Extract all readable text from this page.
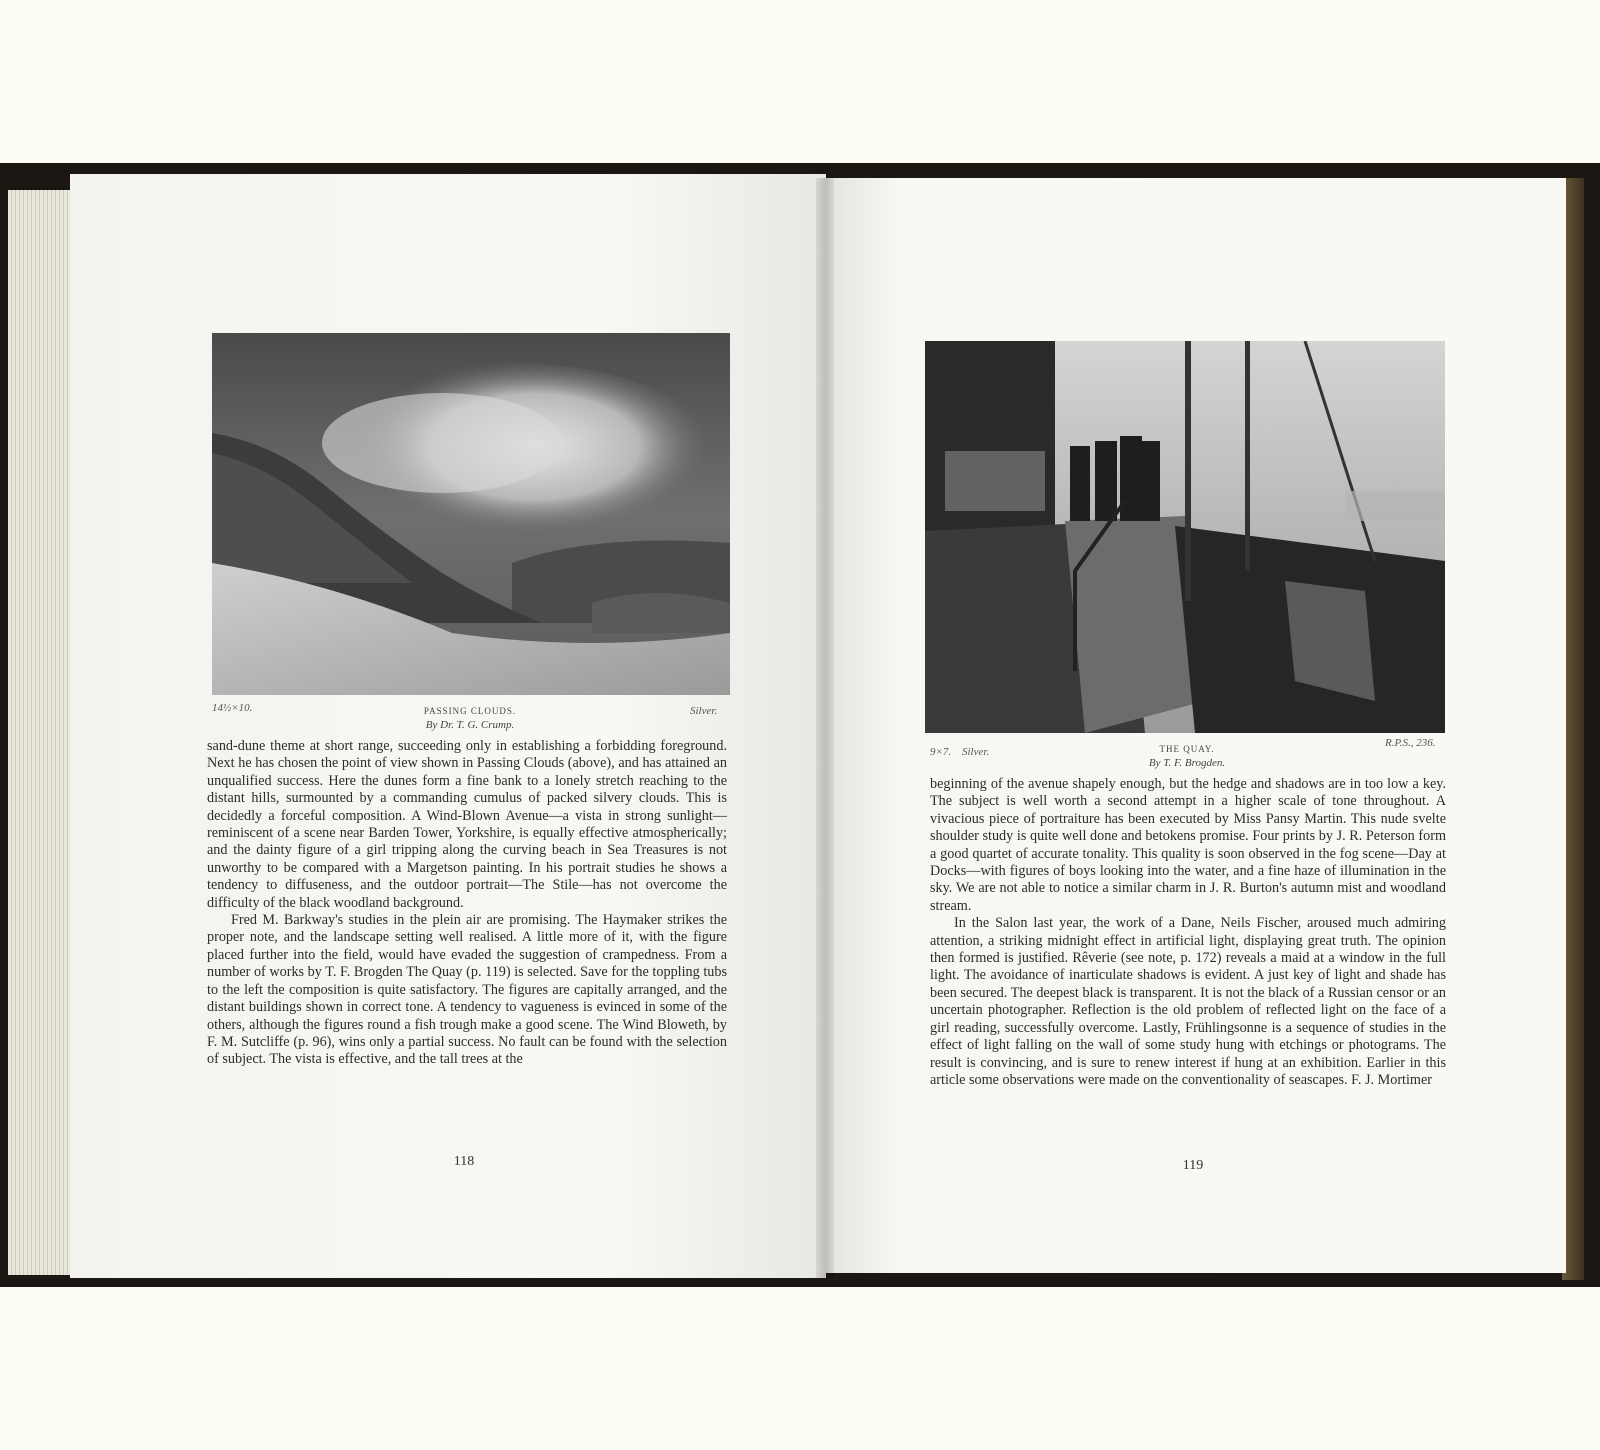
14½×10.	PASSING CLOUDS.
By Dr. T. G. Crump.
Silver.

sand-dune theme at short range, succeeding only in establishing a forbidding foreground. Next he has chosen the point of view shown in Passing Clouds (above), and has attained an unqualified success. Here the dunes form a fine bank to a lonely stretch reaching to the distant hills, surmounted by a commanding cumulus of packed silvery clouds. This is decidedly a forceful composition. A Wind-Blown Avenue—a vista in strong sunlight—reminiscent of a scene near Barden Tower, Yorkshire, is equally effective atmospherically; and the dainty figure of a girl tripping along the curving beach in Sea Treasures is not unworthy to be compared with a Margetson painting. In his portrait studies he shows a tendency to diffuseness, and the outdoor portrait—The Stile—has not overcome the difficulty of the black woodland background.

Fred M. Barkway's studies in the plein air are promising. The Haymaker strikes the proper note, and the landscape setting well realised. A little more of it, with the figure placed further into the field, would have evaded the suggestion of crampedness. From a number of works by T. F. Brogden The Quay (p. 119) is selected. Save for the toppling tubs to the left the composition is quite satisfactory. The figures are capitally arranged, and the distant buildings shown in correct tone. A tendency to vagueness is evinced in some of the others, although the figures round a fish trough make a good scene. The Wind Bloweth, by F. M. Sutcliffe (p. 96), wins only a partial success. No fault can be found with the selection of subject. The vista is effective, and the tall trees at the

118
9×7. Silver.	THE QUAY.
By T. F. Brogden.
R.P.S., 236.

beginning of the avenue shapely enough, but the hedge and shadows are in too low a key. The subject is well worth a second attempt in a higher scale of tone throughout. A vivacious piece of portraiture has been executed by Miss Pansy Martin. This nude svelte shoulder study is quite well done and betokens promise. Four prints by J. R. Peterson form a good quartet of accurate tonality. This quality is soon observed in the fog scene—Day at Docks—with figures of boys looking into the water, and a fine haze of illumination in the sky. We are not able to notice a similar charm in J. R. Burton's autumn mist and woodland stream.

In the Salon last year, the work of a Dane, Neils Fischer, aroused much admiring attention, a striking midnight effect in artificial light, displaying great truth. The opinion then formed is justified. Rêverie (see note, p. 172) reveals a maid at a window in the full light. The avoidance of inarticulate shadows is evident. A just key of light and shade has been secured. The deepest black is transparent. It is not the black of a Russian censor or an uncertain photographer. Reflection is the old problem of reflected light on the face of a girl reading, successfully overcome. Lastly, Frühlingsonne is a sequence of studies in the effect of light falling on the wall of some study hung with etchings or photograms. The result is convincing, and is sure to renew interest if hung at an exhibition. Earlier in this article some observations were made on the conventionality of seascapes. F. J. Mortimer

119
